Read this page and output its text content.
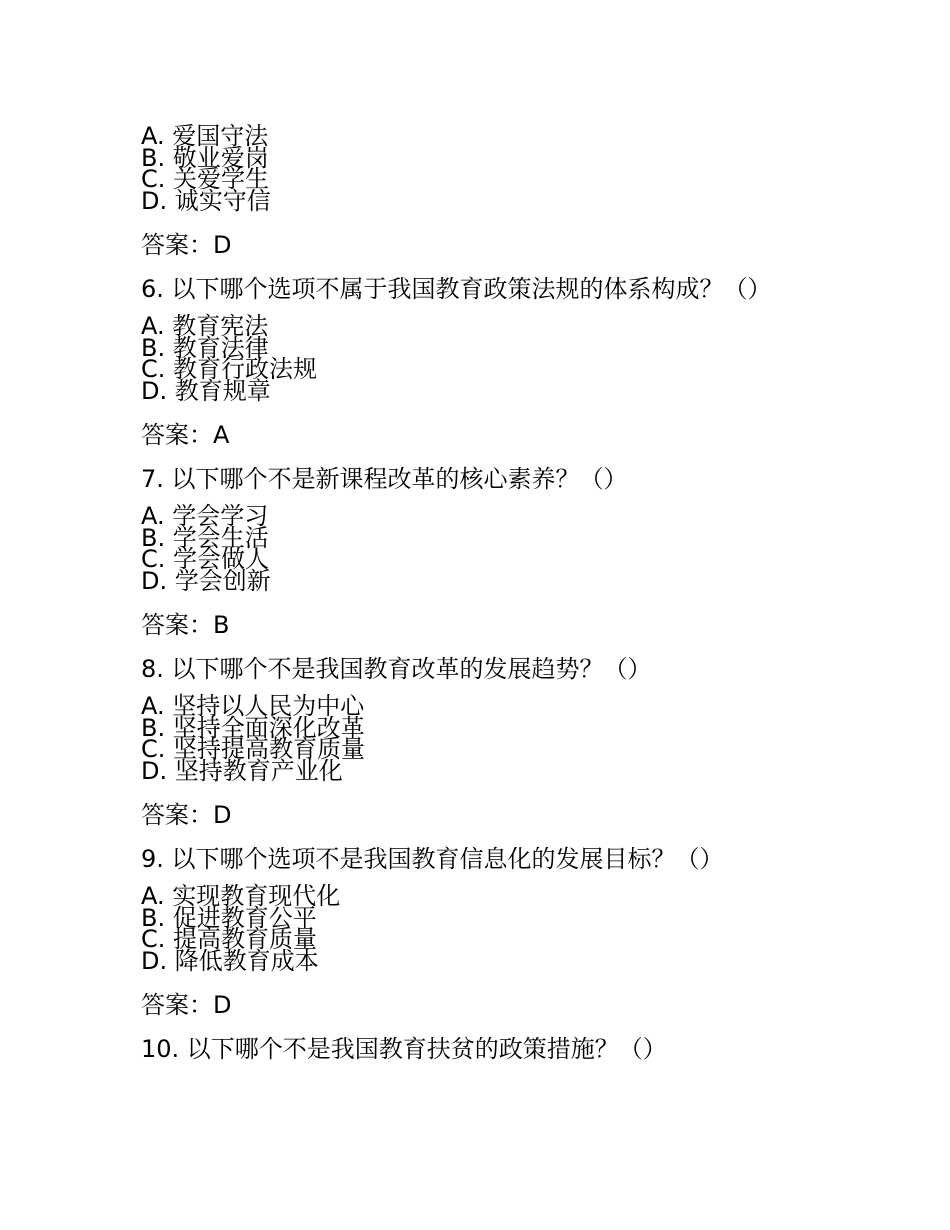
A. 爱国守法
B. 敬业爱岗
C. 关爱学生
D. 诚实守信
答案：D
6. 以下哪个选项不属于我国教育政策法规的体系构成？（）
A. 教育宪法
B. 教育法律
C. 教育行政法规
D. 教育规章
答案：A
7. 以下哪个不是新课程改革的核心素养？（）
A. 学会学习
B. 学会生活
C. 学会做人
D. 学会创新
答案：B
8. 以下哪个不是我国教育改革的发展趋势？（）
A. 坚持以人民为中心
B. 坚持全面深化改革
C. 坚持提高教育质量
D. 坚持教育产业化
答案：D
9. 以下哪个选项不是我国教育信息化的发展目标？（）
A. 实现教育现代化
B. 促进教育公平
C. 提高教育质量
D. 降低教育成本
答案：D
10. 以下哪个不是我国教育扶贫的政策措施？（）
